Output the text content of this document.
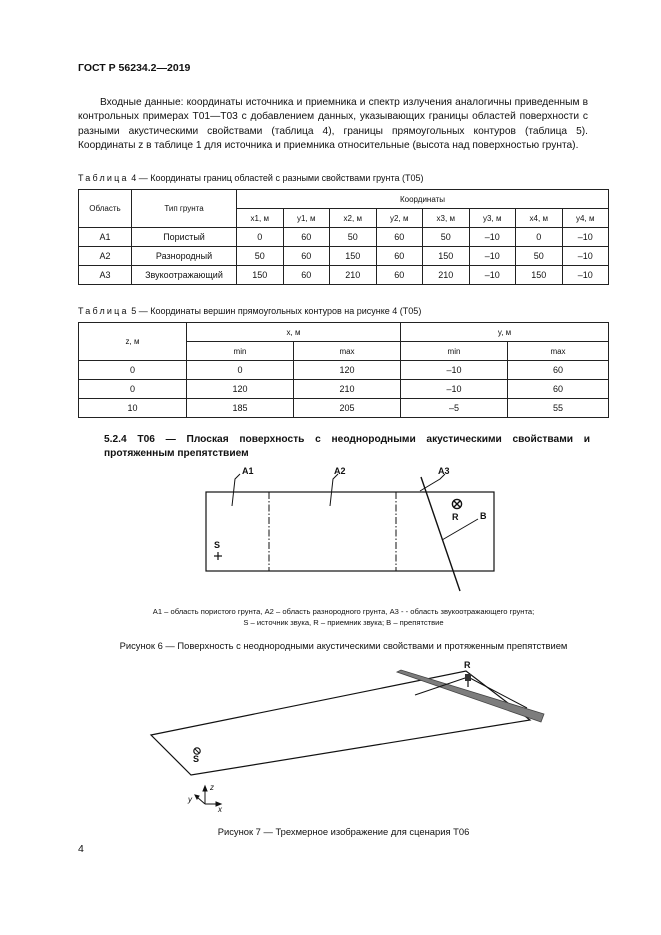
ГОСТ Р 56234.2—2019

Входные данные: координаты источника и приемника и спектр излучения аналогичны приведенным в контрольных примерах Т01—Т03 с добавлением данных, указывающих границы областей поверхности с разными акустическими свойствами (таблица 4), границы прямоугольных контуров (таблица 5). Координаты z в таблице 1 для источника и приемника относительные (высота над поверхностью грунта).

Таблица 4 — Координаты границ областей с разными свойствами грунта (Т05)
Область	Тип грунта	Координаты							
		x1, м	y1, м	x2, м	y2, м	x3, м	y3, м	x4, м	y4, м
А1	Пористый	0	60	50	60	50	–10	0	–10
А2	Разнородный	50	60	150	60	150	–10	50	–10
А3	Звукоотражающий	150	60	210	60	210	–10	150	–10
Таблица 5 — Координаты вершин прямоугольных контуров на рисунке 4 (Т05)
z, м	x, м		y, м	
	min	max	min	max
0	0	120	–10	60
0	120	210	–10	60
10	185	205	–5	55
5.2.4 Т06 — Плоская поверхность с неоднородными акустическими свойствами и протяженным препятствием
А1	А2	А3
В
R
S
А1 – область пористого грунта, А2 – область разнородного грунта, А3 - - область звукоотражающего грунта;
S – источник звука, R – приемник звука; В – препятствие
Рисунок 6 — Поверхность с неоднородными акустическими свойствами и протяженным препятствием
R
S
z
y
x
Рисунок 7 — Трехмерное изображение для сценария Т06
4
